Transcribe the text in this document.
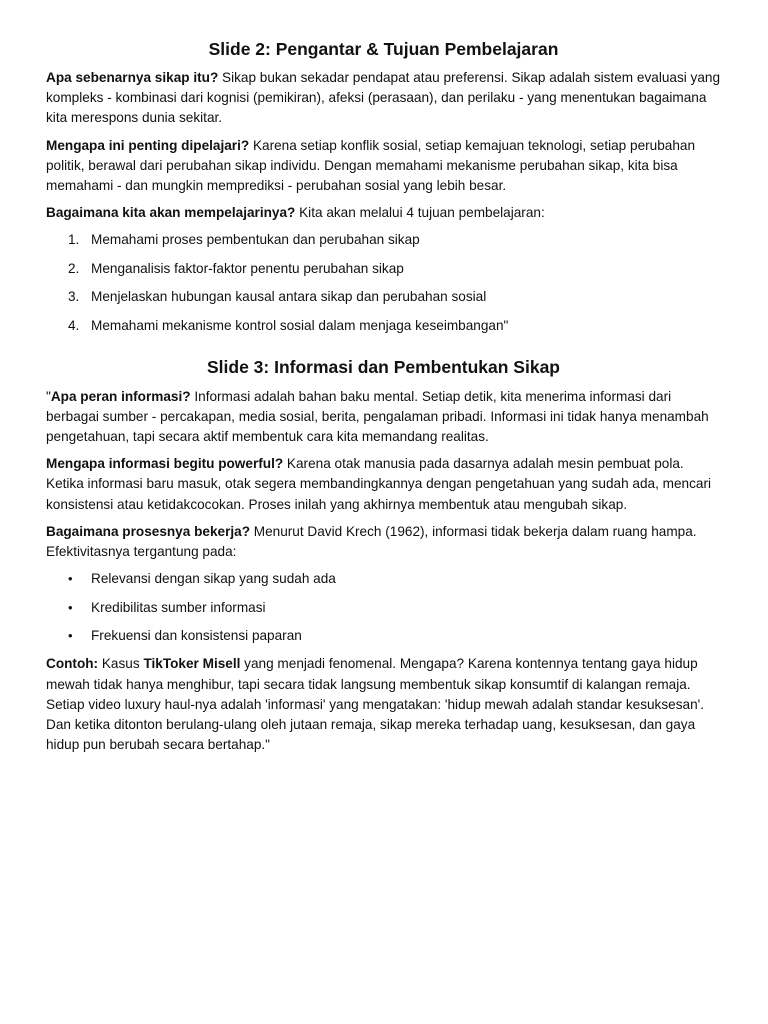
Slide 2: Pengantar & Tujuan Pembelajaran

Apa sebenarnya sikap itu? Sikap bukan sekadar pendapat atau preferensi. Sikap adalah sistem evaluasi yang kompleks - kombinasi dari kognisi (pemikiran), afeksi (perasaan), dan perilaku - yang menentukan bagaimana kita merespons dunia sekitar.

Mengapa ini penting dipelajari? Karena setiap konflik sosial, setiap kemajuan teknologi, setiap perubahan politik, berawal dari perubahan sikap individu. Dengan memahami mekanisme perubahan sikap, kita bisa memahami - dan mungkin memprediksi - perubahan sosial yang lebih besar.

Bagaimana kita akan mempelajarinya? Kita akan melalui 4 tujuan pembelajaran:

1. Memahami proses pembentukan dan perubahan sikap
2. Menganalisis faktor-faktor penentu perubahan sikap
3. Menjelaskan hubungan kausal antara sikap dan perubahan sosial
4. Memahami mekanisme kontrol sosial dalam menjaga keseimbangan"
Slide 3: Informasi dan Pembentukan Sikap

"Apa peran informasi? Informasi adalah bahan baku mental. Setiap detik, kita menerima informasi dari berbagai sumber - percakapan, media sosial, berita, pengalaman pribadi. Informasi ini tidak hanya menambah pengetahuan, tapi secara aktif membentuk cara kita memandang realitas.

Mengapa informasi begitu powerful? Karena otak manusia pada dasarnya adalah mesin pembuat pola. Ketika informasi baru masuk, otak segera membandingkannya dengan pengetahuan yang sudah ada, mencari konsistensi atau ketidakcocokan. Proses inilah yang akhirnya membentuk atau mengubah sikap.

Bagaimana prosesnya bekerja? Menurut David Krech (1962), informasi tidak bekerja dalam ruang hampa. Efektivitasnya tergantung pada:

• Relevansi dengan sikap yang sudah ada
• Kredibilitas sumber informasi
• Frekuensi dan konsistensi paparan

Contoh: Kasus TikToker Misell yang menjadi fenomenal. Mengapa? Karena kontennya tentang gaya hidup mewah tidak hanya menghibur, tapi secara tidak langsung membentuk sikap konsumtif di kalangan remaja. Setiap video luxury haul-nya adalah 'informasi' yang mengatakan: 'hidup mewah adalah standar kesuksesan'. Dan ketika ditonton berulang-ulang oleh jutaan remaja, sikap mereka terhadap uang, kesuksesan, dan gaya hidup pun berubah secara bertahap."
